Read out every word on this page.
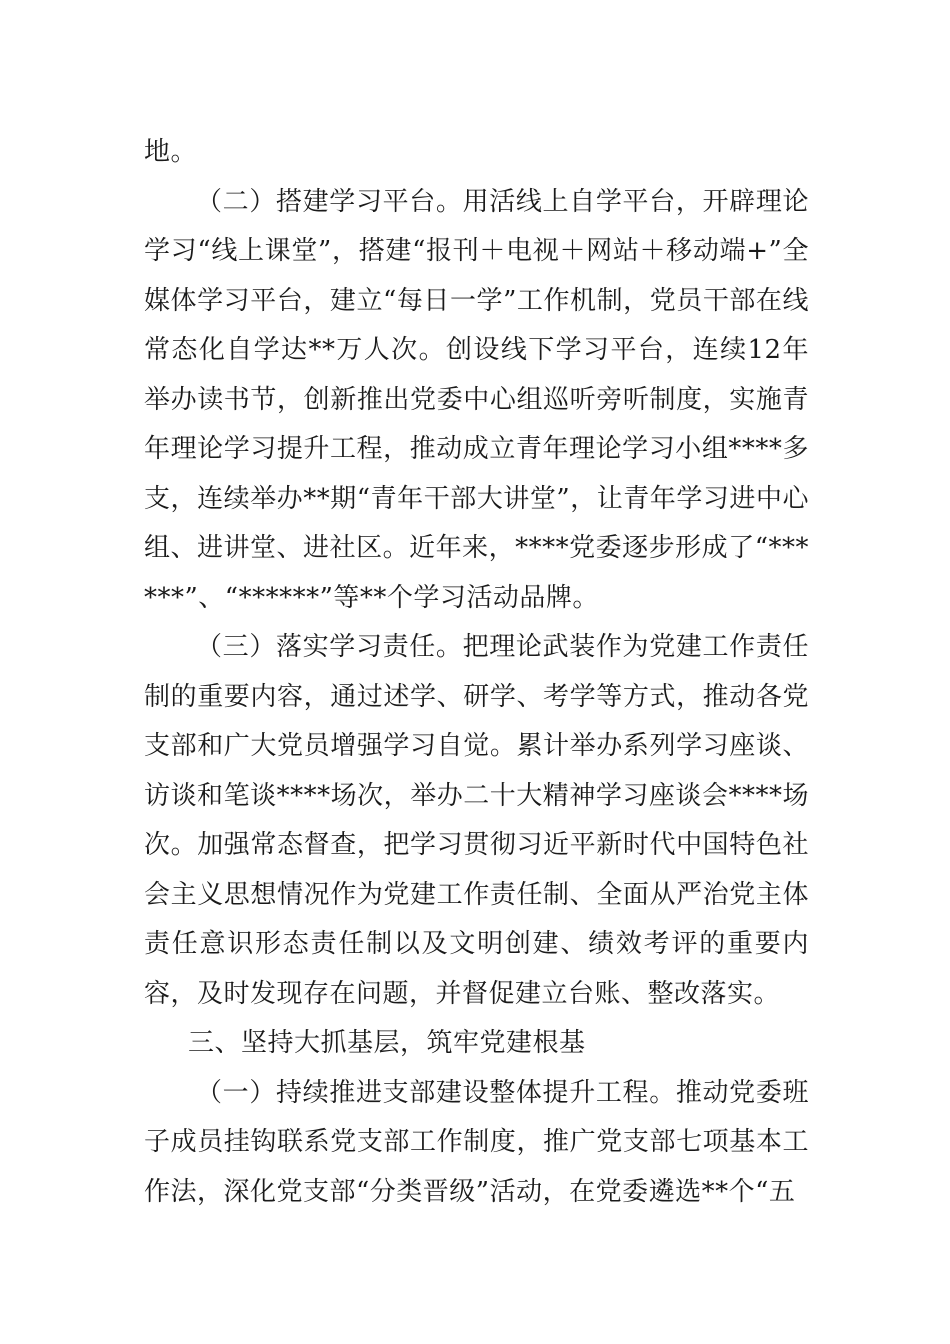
地。

（二）搭建学习平台。用活线上自学平台，开辟理论学习“线上课堂”，搭建“报刊＋电视＋网站＋移动端+”全媒体学习平台，建立“每日一学”工作机制，党员干部在线常态化自学达**万人次。创设线下学习平台，连续12年举办读书节，创新推出党委中心组巡听旁听制度，实施青年理论学习提升工程，推动成立青年理论学习小组****多支，连续举办**期“青年干部大讲堂”，让青年学习进中心组、进讲堂、进社区。近年来，****党委逐步形成了“******”、“******”等**个学习活动品牌。

（三）落实学习责任。把理论武装作为党建工作责任制的重要内容，通过述学、研学、考学等方式，推动各党支部和广大党员增强学习自觉。累计举办系列学习座谈、访谈和笔谈****场次，举办二十大精神学习座谈会****场次。加强常态督查，把学习贯彻习近平新时代中国特色社会主义思想情况作为党建工作责任制、全面从严治党主体责任意识形态责任制以及文明创建、绩效考评的重要内容，及时发现存在问题，并督促建立台账、整改落实。

三、坚持大抓基层，筑牢党建根基

（一）持续推进支部建设整体提升工程。推动党委班子成员挂钩联系党支部工作制度，推广党支部七项基本工作法，深化党支部“分类晋级”活动，在党委遴选**个“五
